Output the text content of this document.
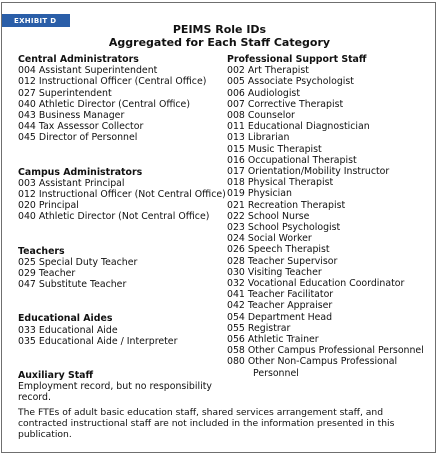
EXHIBIT D
PEIMS Role IDs
Aggregated for Each Staff Category
Central Administrators
004 Assistant Superintendent
012 Instructional Officer (Central Office)
027 Superintendent
040 Athletic Director (Central Office)
043 Business Manager
044 Tax Assessor Collector
045 Director of Personnel
Campus Administrators
003 Assistant Principal
012 Instructional Officer (Not Central Office)
020 Principal
040 Athletic Director (Not Central Office)
Teachers
025 Special Duty Teacher
029 Teacher
047 Substitute Teacher
Educational Aides
033 Educational Aide
035 Educational Aide / Interpreter
Auxiliary Staff
Employment record, but no responsibility
record.
Professional Support Staff
002 Art Therapist
005 Associate Psychologist
006 Audiologist
007 Corrective Therapist
008 Counselor
011 Educational Diagnostician
013 Librarian
015 Music Therapist
016 Occupational Therapist
017 Orientation/Mobility Instructor
018 Physical Therapist
019 Physician
021 Recreation Therapist
022 School Nurse
023 School Psychologist
024 Social Worker
026 Speech Therapist
028 Teacher Supervisor
030 Visiting Teacher
032 Vocational Education Coordinator
041 Teacher Facilitator
042 Teacher Appraiser
054 Department Head
055 Registrar
056 Athletic Trainer
058 Other Campus Professional Personnel
080 Other Non-Campus Professional
Personnel
The FTEs of adult basic education staff, shared services arrangement staff, and contracted instructional staff are not included in the information presented in this publication.
